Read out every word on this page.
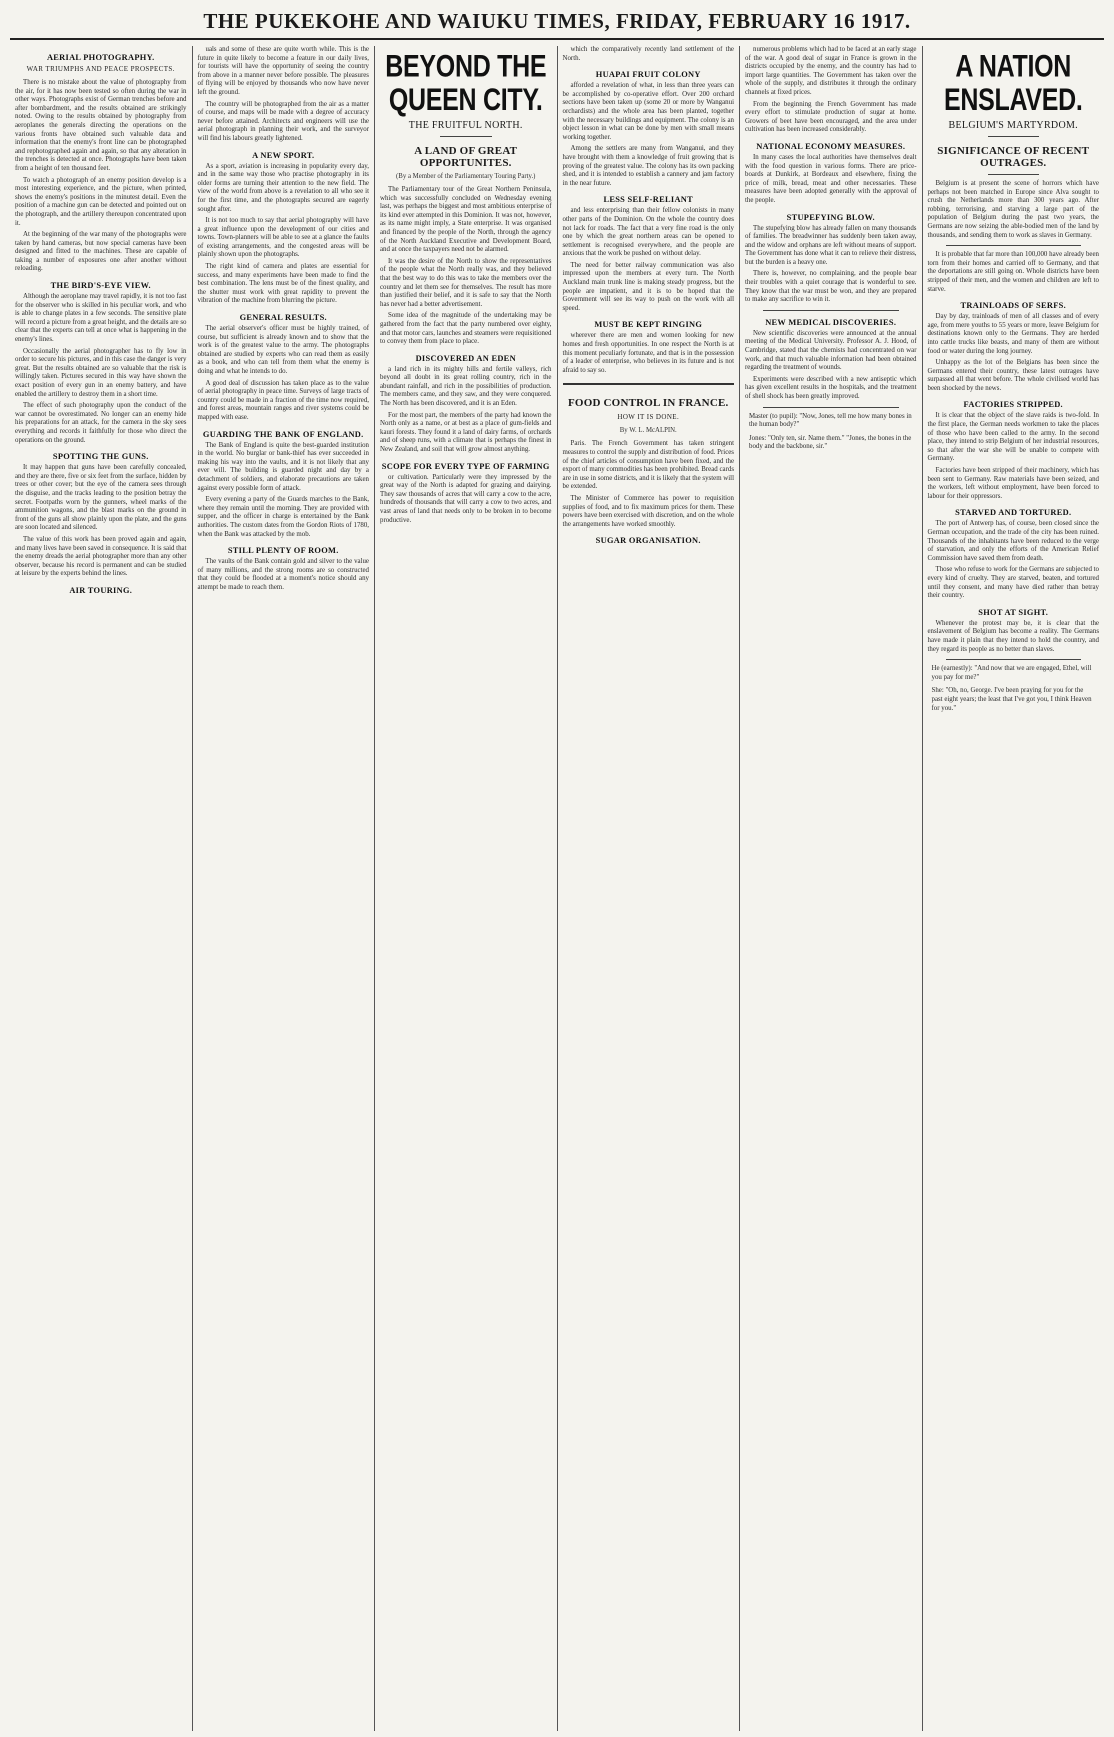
THE PUKEKOHE AND WAIUKU TIMES, FRIDAY, FEBRUARY 16 1917.
AERIAL PHOTOGRAPHY.
WAR TRIUMPHS AND PEACE PROSPECTS.

There is no mistake about the value of photography from the air, for it has now been tested so often during the war in other ways. Photographs exist of German trenches before and after bombardment, and the results obtained are strikingly noted. Owing to the results obtained by photography from aeroplanes the generals directing the operations on the various fronts have obtained such valuable data and information that the enemy's front line can be photographed and rephotographed again and again, so that any alteration in the trenches is detected at once. Photographs have been taken from a height of ten thousand feet.

To watch a photograph of an enemy position develop is a most interesting experience, and the picture, when printed, shows the enemy's positions in the minutest detail. Even the position of a machine gun can be detected and pointed out on the photograph, and the artillery thereupon concentrated upon it.

At the beginning of the war many of the photographs were taken by hand cameras, but now special cameras have been designed and fitted to the machines. These are capable of taking a number of exposures one after another without reloading.

THE BIRD'S-EYE VIEW.

Although the aeroplane may travel rapidly, it is not too fast for the observer who is skilled in his peculiar work, and who is able to change plates in a few seconds. The sensitive plate will record a picture from a great height, and the details are so clear that the experts can tell at once what is happening in the enemy's lines.

Occasionally the aerial photographer has to fly low in order to secure his pictures, and in this case the danger is very great. But the results obtained are so valuable that the risk is willingly taken. Pictures secured in this way have shown the exact position of every gun in an enemy battery, and have enabled the artillery to destroy them in a short time.

The effect of such photography upon the conduct of the war cannot be overestimated. No longer can an enemy hide his preparations for an attack, for the camera in the sky sees everything and records it faithfully for those who direct the operations on the ground.

SPOTTING THE GUNS.

It may happen that guns have been carefully concealed, and they are there, five or six feet from the surface, hidden by trees or other cover; but the eye of the camera sees through the disguise, and the tracks leading to the position betray the secret. Footpaths worn by the gunners, wheel marks of the ammunition wagons, and the blast marks on the ground in front of the guns all show plainly upon the plate, and the guns are soon located and silenced.

The value of this work has been proved again and again, and many lives have been saved in consequence. It is said that the enemy dreads the aerial photographer more than any other observer, because his record is permanent and can be studied at leisure by the experts behind the lines.

AIR TOURING.

uals and some of these are quite worth while. This is the future in quite likely to become a feature in our daily lives, for tourists will have the opportunity of seeing the country from above in a manner never before possible. The pleasures of flying will be enjoyed by thousands who now have never left the ground.

The country will be photographed from the air as a matter of course, and maps will be made with a degree of accuracy never before attained. Architects and engineers will use the aerial photograph in planning their work, and the surveyor will find his labours greatly lightened.

A NEW SPORT.

As a sport, aviation is increasing in popularity every day, and in the same way those who practise photography in its older forms are turning their attention to the new field. The view of the world from above is a revelation to all who see it for the first time, and the photographs secured are eagerly sought after.

It is not too much to say that aerial photography will have a great influence upon the development of our cities and towns. Town-planners will be able to see at a glance the faults of existing arrangements, and the congested areas will be plainly shown upon the photographs.

The right kind of camera and plates are essential for success, and many experiments have been made to find the best combination. The lens must be of the finest quality, and the shutter must work with great rapidity to prevent the vibration of the machine from blurring the picture.

GENERAL RESULTS.

The aerial observer's officer must be highly trained, of course, but sufficient is already known and to show that the work is of the greatest value to the army. The photographs obtained are studied by experts who can read them as easily as a book, and who can tell from them what the enemy is doing and what he intends to do.

A good deal of discussion has taken place as to the value of aerial photography in peace time. Surveys of large tracts of country could be made in a fraction of the time now required, and forest areas, mountain ranges and river systems could be mapped with ease.

GUARDING THE BANK OF ENGLAND.

The Bank of England is quite the best-guarded institution in the world. No burglar or bank-thief has ever succeeded in making his way into the vaults, and it is not likely that any ever will. The building is guarded night and day by a detachment of soldiers, and elaborate precautions are taken against every possible form of attack.

Every evening a party of the Guards marches to the Bank, where they remain until the morning. They are provided with supper, and the officer in charge is entertained by the Bank authorities. The custom dates from the Gordon Riots of 1780, when the Bank was attacked by the mob.

STILL PLENTY OF ROOM.

The vaults of the Bank contain gold and silver to the value of many millions, and the strong rooms are so constructed that they could be flooded at a moment's notice should any attempt be made to reach them.

BEYOND THE QUEEN CITY.
THE FRUITFUL NORTH.
A LAND OF GREAT OPPORTUNITES.
(By a Member of the Parliamentary Touring Party.)

The Parliamentary tour of the Great Northern Peninsula, which was successfully concluded on Wednesday evening last, was perhaps the biggest and most ambitious enterprise of its kind ever attempted in this Dominion. It was not, however, as its name might imply, a State enterprise. It was organised and financed by the people of the North, through the agency of the North Auckland Executive and Development Board, and at once the taxpayers need not be alarmed.

It was the desire of the North to show the representatives of the people what the North really was, and they believed that the best way to do this was to take the members over the country and let them see for themselves. The result has more than justified their belief, and it is safe to say that the North has never had a better advertisement.

Some idea of the magnitude of the undertaking may be gathered from the fact that the party numbered over eighty, and that motor cars, launches and steamers were requisitioned to convey them from place to place.

DISCOVERED AN EDEN

a land rich in its mighty hills and fertile valleys, rich beyond all doubt in its great rolling country, rich in the abundant rainfall, and rich in the possibilities of production. The members came, and they saw, and they were conquered. The North has been discovered, and it is an Eden.

For the most part, the members of the party had known the North only as a name, or at best as a place of gum-fields and kauri forests. They found it a land of dairy farms, of orchards and of sheep runs, with a climate that is perhaps the finest in New Zealand, and soil that will grow almost anything.

SCOPE FOR EVERY TYPE OF FARMING

or cultivation. Particularly were they impressed by the great way of the North is adapted for grazing and dairying. They saw thousands of acres that will carry a cow to the acre, hundreds of thousands that will carry a cow to two acres, and vast areas of land that needs only to be broken in to become productive.

which the comparatively recently land settlement of the North.

HUAPAI FRUIT COLONY

afforded a revelation of what, in less than three years can be accomplished by co-operative effort. Over 200 orchard sections have been taken up (some 20 or more by Wanganui orchardists) and the whole area has been planted, together with the necessary buildings and equipment. The colony is an object lesson in what can be done by men with small means working together.

Among the settlers are many from Wanganui, and they have brought with them a knowledge of fruit growing that is proving of the greatest value. The colony has its own packing shed, and it is intended to establish a cannery and jam factory in the near future.

LESS SELF-RELIANT

and less enterprising than their fellow colonists in many other parts of the Dominion. On the whole the country does not lack for roads. The fact that a very fine road is the only one by which the great northern areas can be opened to settlement is recognised everywhere, and the people are anxious that the work be pushed on without delay.

The need for better railway communication was also impressed upon the members at every turn. The North Auckland main trunk line is making steady progress, but the people are impatient, and it is to be hoped that the Government will see its way to push on the work with all speed.

MUST BE KEPT RINGING

wherever there are men and women looking for new homes and fresh opportunities. In one respect the North is at this moment peculiarly fortunate, and that is in the possession of a leader of enterprise, who believes in its future and is not afraid to say so.

FOOD CONTROL IN FRANCE.
HOW IT IS DONE.
By W. L. McALPIN.

Paris. The French Government has taken stringent measures to control the supply and distribution of food. Prices of the chief articles of consumption have been fixed, and the export of many commodities has been prohibited. Bread cards are in use in some districts, and it is likely that the system will be extended.

The Minister of Commerce has power to requisition supplies of food, and to fix maximum prices for them. These powers have been exercised with discretion, and on the whole the arrangements have worked smoothly.

SUGAR ORGANISATION.

numerous problems which had to be faced at an early stage of the war. A good deal of sugar in France is grown in the districts occupied by the enemy, and the country has had to import large quantities. The Government has taken over the whole of the supply, and distributes it through the ordinary channels at fixed prices.

From the beginning the French Government has made every effort to stimulate production of sugar at home. Growers of beet have been encouraged, and the area under cultivation has been increased considerably.

NATIONAL ECONOMY MEASURES.

In many cases the local authorities have themselves dealt with the food question in various forms. There are price-boards at Dunkirk, at Bordeaux and elsewhere, fixing the price of milk, bread, meat and other necessaries. These measures have been adopted generally with the approval of the people.

STUPEFYING BLOW.

The stupefying blow has already fallen on many thousands of families. The breadwinner has suddenly been taken away, and the widow and orphans are left without means of support. The Government has done what it can to relieve their distress, but the burden is a heavy one.

There is, however, no complaining, and the people bear their troubles with a quiet courage that is wonderful to see. They know that the war must be won, and they are prepared to make any sacrifice to win it.

NEW MEDICAL DISCOVERIES.

New scientific discoveries were announced at the annual meeting of the Medical University. Professor A. J. Hood, of Cambridge, stated that the chemists had concentrated on war work, and that much valuable information had been obtained regarding the treatment of wounds.

Experiments were described with a new antiseptic which has given excellent results in the hospitals, and the treatment of shell shock has been greatly improved.

Master (to pupil): "Now, Jones, tell me how many bones in the human body?"
Jones: "Only ten, sir. Name them." "Jones, the bones in the body and the backbone, sir."
A NATION ENSLAVED.
BELGIUM'S MARTYRDOM.
SIGNIFICANCE OF RECENT OUTRAGES.

Belgium is at present the scene of horrors which have perhaps not been matched in Europe since Alva sought to crush the Netherlands more than 300 years ago. After robbing, terrorising, and starving a large part of the population of Belgium during the past two years, the Germans are now seizing the able-bodied men of the land by thousands, and sending them to work as slaves in Germany.

It is probable that far more than 100,000 have already been torn from their homes and carried off to Germany, and that the deportations are still going on. Whole districts have been stripped of their men, and the women and children are left to starve.

TRAINLOADS OF SERFS.

Day by day, trainloads of men of all classes and of every age, from mere youths to 55 years or more, leave Belgium for destinations known only to the Germans. They are herded into cattle trucks like beasts, and many of them are without food or water during the long journey.

Unhappy as the lot of the Belgians has been since the Germans entered their country, these latest outrages have surpassed all that went before. The whole civilised world has been shocked by the news.

FACTORIES STRIPPED.

It is clear that the object of the slave raids is two-fold. In the first place, the German needs workmen to take the places of those who have been called to the army. In the second place, they intend to strip Belgium of her industrial resources, so that after the war she will be unable to compete with Germany.

Factories have been stripped of their machinery, which has been sent to Germany. Raw materials have been seized, and the workers, left without employment, have been forced to labour for their oppressors.

STARVED AND TORTURED.

The port of Antwerp has, of course, been closed since the German occupation, and the trade of the city has been ruined. Thousands of the inhabitants have been reduced to the verge of starvation, and only the efforts of the American Relief Commission have saved them from death.

Those who refuse to work for the Germans are subjected to every kind of cruelty. They are starved, beaten, and tortured until they consent, and many have died rather than betray their country.

SHOT AT SIGHT.

Whenever the protest may be, it is clear that the enslavement of Belgium has become a reality. The Germans have made it plain that they intend to hold the country, and they regard its people as no better than slaves.

He (earnestly): "And now that we are engaged, Ethel, will you pay for me?"
She: "Oh, no, George. I've been praying for you for the past eight years; the least that I've got you, I think Heaven for you."
